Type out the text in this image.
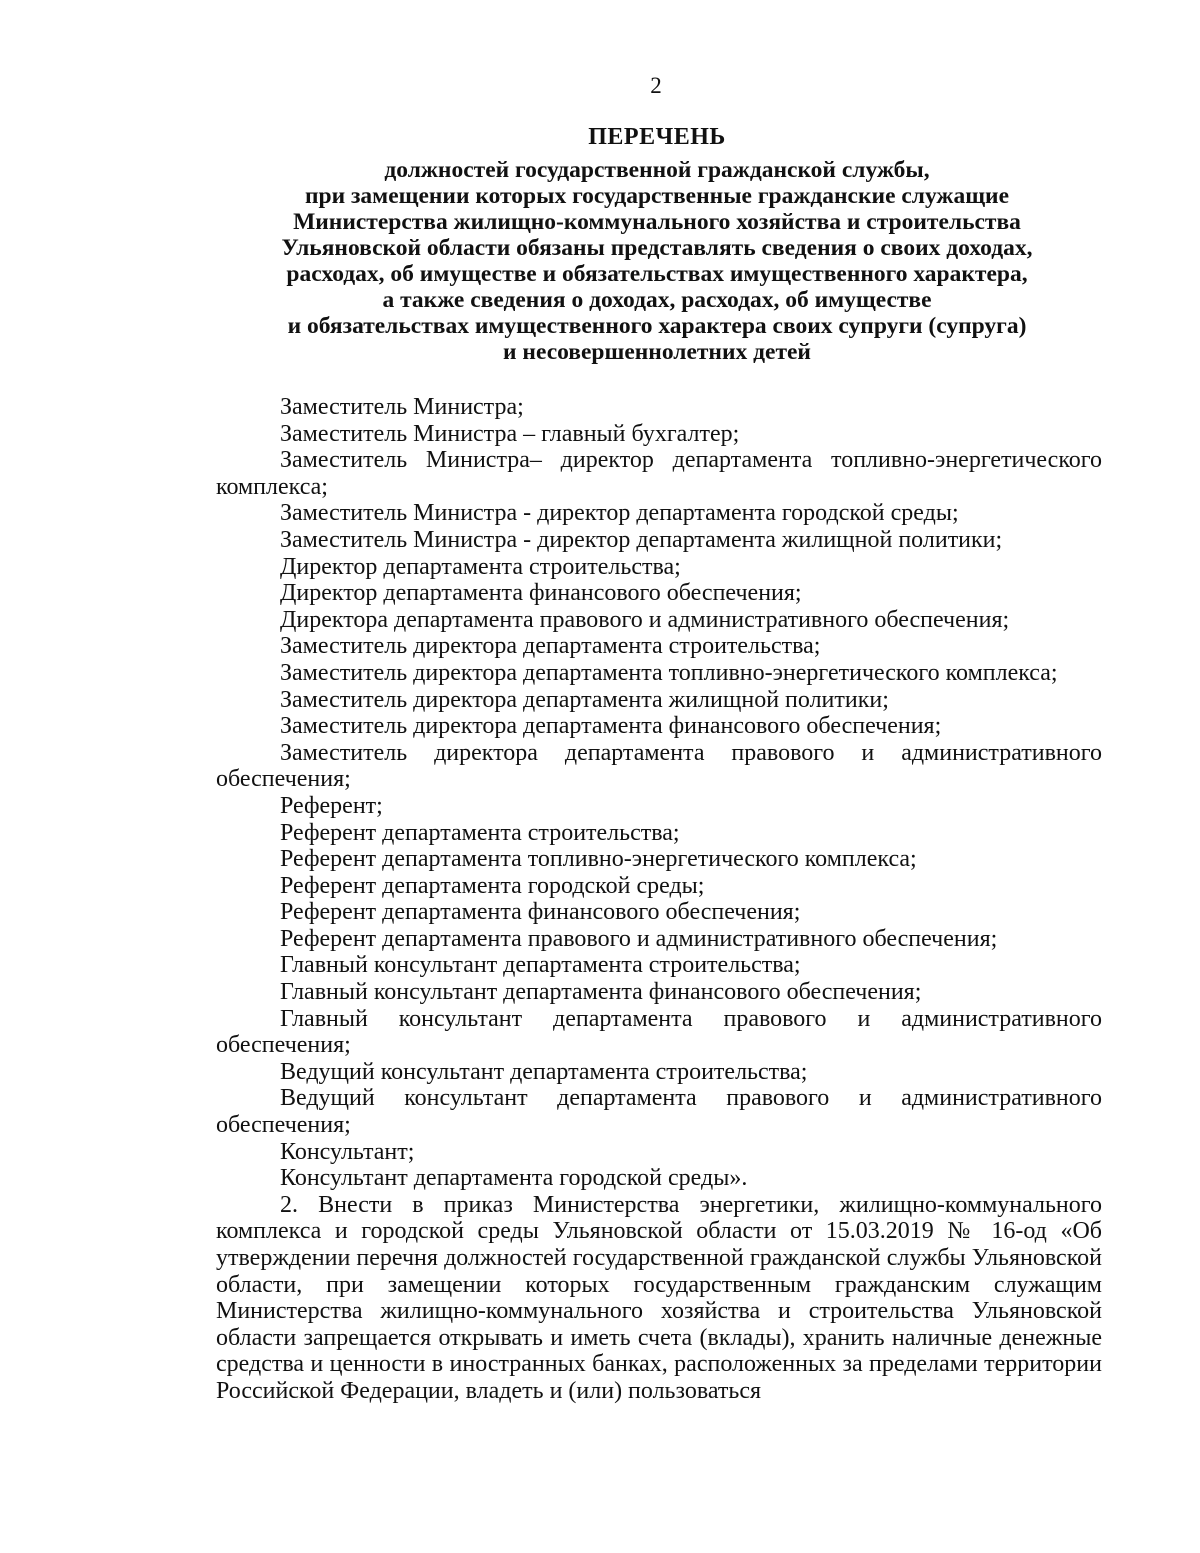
2
ПЕРЕЧЕНЬ
должностей государственной гражданской службы,
при замещении которых государственные гражданские служащие
Министерства жилищно-коммунального хозяйства и строительства
Ульяновской области обязаны представлять сведения о своих доходах,
расходах, об имуществе и обязательствах имущественного характера,
а также сведения о доходах, расходах, об имуществе
и обязательствах имущественного характера своих супруги (супруга)
и несовершеннолетних детей

Заместитель Министра;

Заместитель Министра – главный бухгалтер;

Заместитель Министра– директор департамента топливно-энергетического комплекса;

Заместитель Министра - директор департамента городской среды;

Заместитель Министра - директор департамента жилищной политики;

Директор департамента строительства;

Директор департамента финансового обеспечения;

Директора департамента правового и административного обеспечения;

Заместитель директора департамента строительства;

Заместитель директора департамента топливно-энергетического комплекса;

Заместитель директора департамента жилищной политики;

Заместитель директора департамента финансового обеспечения;

Заместитель директора департамента правового и административного обеспечения;

Референт;

Референт департамента строительства;

Референт департамента топливно-энергетического комплекса;

Референт департамента городской среды;

Референт департамента финансового обеспечения;

Референт департамента правового и административного обеспечения;

Главный консультант департамента строительства;

Главный консультант департамента финансового обеспечения;

Главный консультант департамента правового и административного обеспечения;

Ведущий консультант департамента строительства;

Ведущий консультант департамента правового и административного обеспечения;

Консультант;

Консультант департамента городской среды».

2. Внести в приказ Министерства энергетики, жилищно-коммунального комплекса и городской среды Ульяновской области от 15.03.2019 № 16-од «Об утверждении перечня должностей государственной гражданской службы Ульяновской области, при замещении которых государственным гражданским служащим Министерства жилищно-коммунального хозяйства и строительства Ульяновской области запрещается открывать и иметь счета (вклады), хранить наличные денежные средства и ценности в иностранных банках, расположенных за пределами территории Российской Федерации, владеть и (или) пользоваться
